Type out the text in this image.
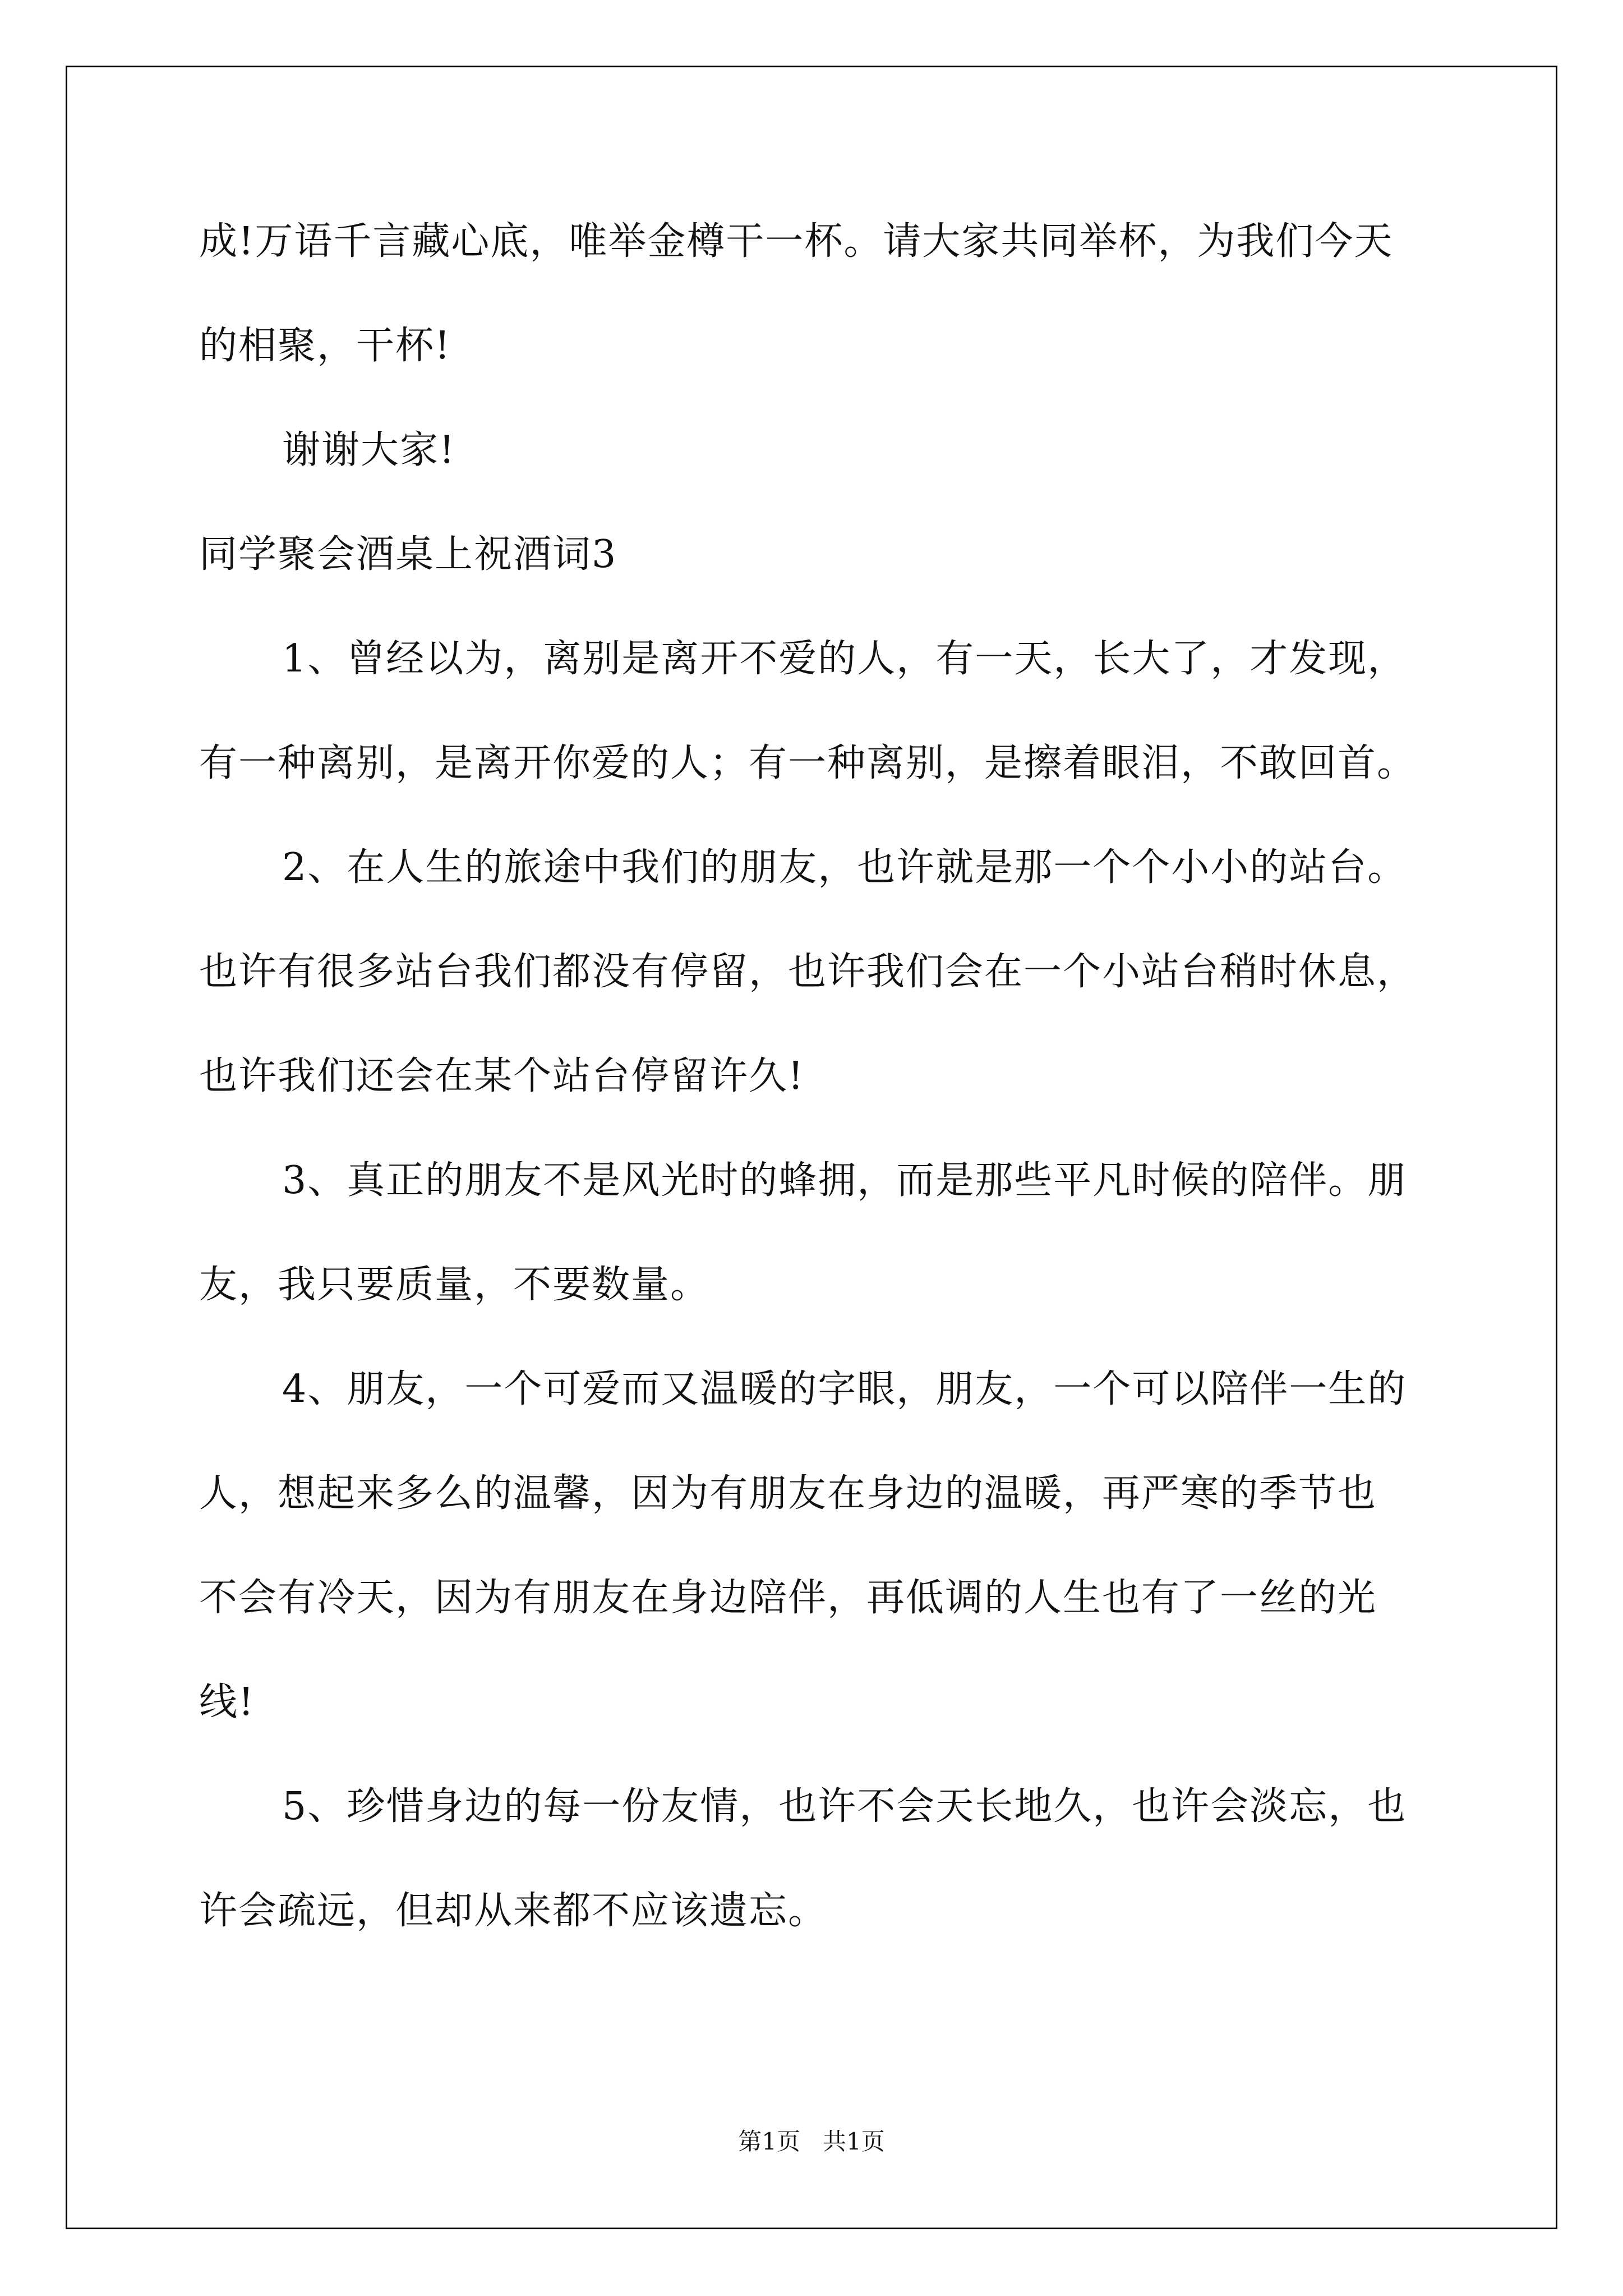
成!万语千言藏心底，唯举金樽干一杯。请大家共同举杯，为我们今天
的相聚，干杯!
谢谢大家!
同学聚会酒桌上祝酒词3
1、曾经以为，离别是离开不爱的人，有一天，长大了，才发现，
有一种离别，是离开你爱的人；有一种离别，是擦着眼泪，不敢回首。
2、在人生的旅途中我们的朋友，也许就是那一个个小小的站台。
也许有很多站台我们都没有停留，也许我们会在一个小站台稍时休息，
也许我们还会在某个站台停留许久!
3、真正的朋友不是风光时的蜂拥，而是那些平凡时候的陪伴。朋
友，我只要质量，不要数量。
4、朋友，一个可爱而又温暖的字眼，朋友，一个可以陪伴一生的
人，想起来多么的温馨，因为有朋友在身边的温暖，再严寒的季节也
不会有冷天，因为有朋友在身边陪伴，再低调的人生也有了一丝的光
线!
5、珍惜身边的每一份友情，也许不会天长地久，也许会淡忘，也
许会疏远，但却从来都不应该遗忘。
第1页   共1页
